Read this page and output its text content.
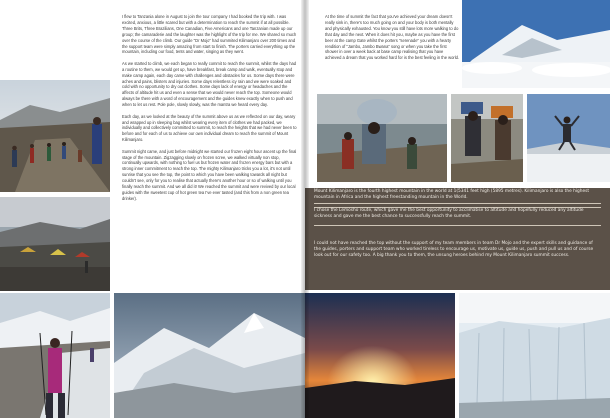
I flew to Tanzania alone in August to join the tour company I had booked the trip with. I was excited, anxious, a little scared but with a determination to reach the summit if at all possible. Three Brits, Three Brazilians, One Canadian, Five Americans and one Tanzanian made up our group; the camaraderie and the laughter was the highlight of the trip for me. We shared so much over the course of the climb. Our guide "Dr Mojo" had summited Kilimanjaro over 200 times and the support team were simply amazing from start to finish. The porters carried everything up the mountain, including our food, tents and water, singing as they went.

As we started to climb, we each began to really commit to reach the summit, whilst the days had a routine to them, we would get up, have breakfast, break camp and walk, eventually stop and make camp again, each day came with challenges and obstacles for us. Some days there were aches and pains, blisters and injuries. Some days relentless icy rain and we were soaked and cold with no opportunity to dry out clothes. Some days lack of energy or headaches and the affects of altitude hit us and even a sense that we would never reach the top. Someone would always be there with a word of encouragement and the guides knew exactly when to push and when to let us rest. Pole pole, slowly slowly, was the mantra we heard every day.

Each day, as we looked at the beauty of the summit above us as we reflected on our day, weary and wrapped up in sleeping bag whilst wearing every item of clothes we had packed, we individually and collectively committed to summit, to reach the heights that we had never been to before and for each of us to achieve our own individual dream to reach the summit of Mount Kilimanjaro.

Summit night came, and just before midnight we started our frozen eight hour ascent up the final stage of the mountain. Zigzagging slowly on frozen scree, we walked virtually non stop, continually upwards, with nothing to fuel us but frozen water and frozen energy bars but with a strong inner commitment to reach the top. The mighty Kilimanjaro tricks you a lot, it's not until sunrise that you see the top, the point to which you have been walking towards all night but couldn't see, only for you to realise that actually there's another hour or so of walking until you finally reach the summit. And we all did it! We reached the summit and were revived by our local guides with the sweetest cup of hot green tea I've ever tasted (and this from a non green tea drinker).

At the time of summit the fact that you've achieved your dream doesn't really sink in, there's too much going on and your body is both mentally and physically exhausted. You know you still have lots more walking to do that day and the next. When it does hit you, maybe as you have the first beer at the camp Gate whilst the porters "serenade" you with a hearty rendition of "Jambo, Jambo Bwana" song or when you take the first shower in over a week back at base camp realising that you have achieved a dream that you worked hard for is the best feeling in the world.

Mount Kilimanjaro is the fourth highest mountain in the world at 1(5341 feet high (5895 metres). Kilimanjaro is also the highest mountain in Africa and the highest freestanding mountain in the World.

I chose the Lemosho route, which gave me the best opportunity to acclimatise to altitude and hopefully reduced any altitude sickness and gave me the best chance to successfully reach the summit.

I could not have reached the top without the support of my team members in team Dr Mojo and the expert skills and guidance of the guides, porters and support team who worked tireless to encourage us, motivate us, guide us, push and pull us and of course look out for our safety too. A big thank you to them, the unsung heroes behind my Mount Kilimanjaro summit success.
